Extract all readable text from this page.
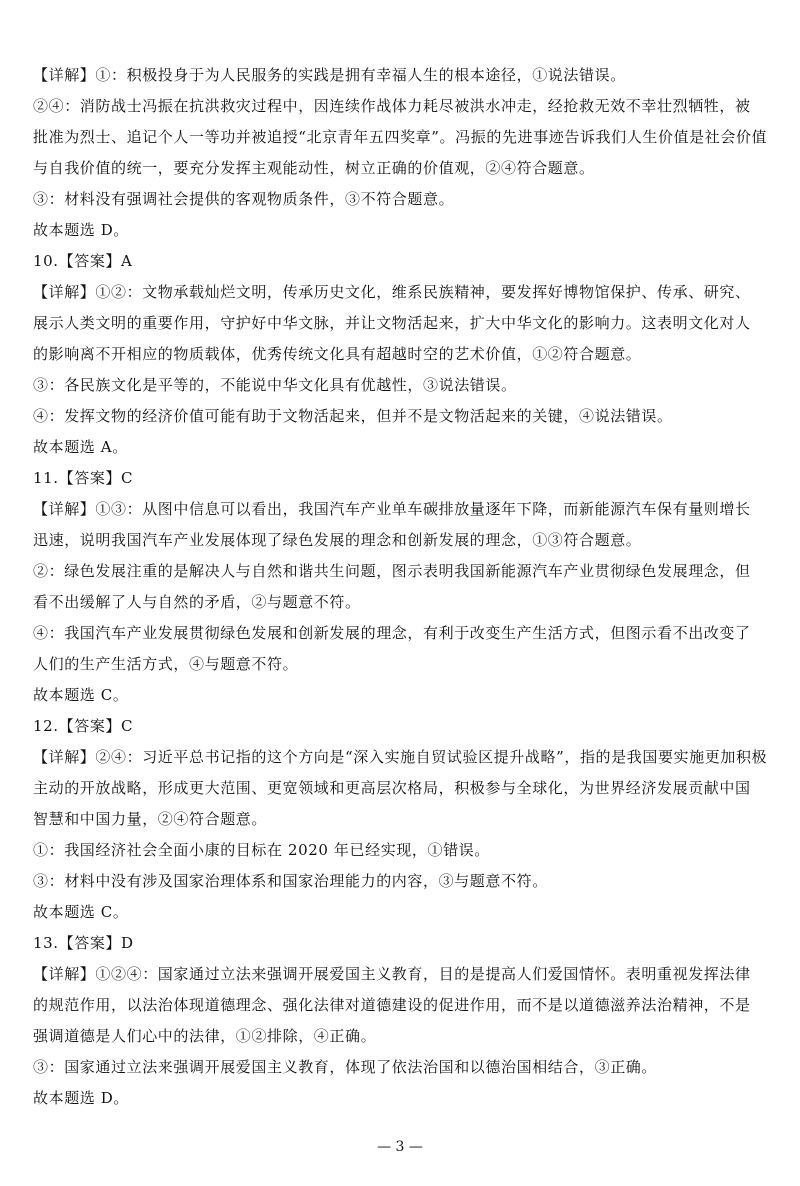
【详解】①：积极投身于为人民服务的实践是拥有幸福人生的根本途径，①说法错误。
②④：消防战士冯振在抗洪救灾过程中，因连续作战体力耗尽被洪水冲走，经抢救无效不幸壮烈牺牲，被
批准为烈士、追记个人一等功并被追授“北京青年五四奖章”。冯振的先进事迹告诉我们人生价值是社会价值
与自我价值的统一，要充分发挥主观能动性，树立正确的价值观，②④符合题意。
③：材料没有强调社会提供的客观物质条件，③不符合题意。
故本题选 D。
10.【答案】A
【详解】①②：文物承载灿烂文明，传承历史文化，维系民族精神，要发挥好博物馆保护、传承、研究、
展示人类文明的重要作用，守护好中华文脉，并让文物活起来，扩大中华文化的影响力。这表明文化对人
的影响离不开相应的物质载体，优秀传统文化具有超越时空的艺术价值，①②符合题意。
③：各民族文化是平等的，不能说中华文化具有优越性，③说法错误。
④：发挥文物的经济价值可能有助于文物活起来，但并不是文物活起来的关键，④说法错误。
故本题选 A。
11.【答案】C
【详解】①③：从图中信息可以看出，我国汽车产业单车碳排放量逐年下降，而新能源汽车保有量则增长
迅速，说明我国汽车产业发展体现了绿色发展的理念和创新发展的理念，①③符合题意。
②：绿色发展注重的是解决人与自然和谐共生问题，图示表明我国新能源汽车产业贯彻绿色发展理念，但
看不出缓解了人与自然的矛盾，②与题意不符。
④：我国汽车产业发展贯彻绿色发展和创新发展的理念，有利于改变生产生活方式，但图示看不出改变了
人们的生产生活方式，④与题意不符。
故本题选 C。
12.【答案】C
【详解】②④：习近平总书记指的这个方向是“深入实施自贸试验区提升战略”，指的是我国要实施更加积极
主动的开放战略，形成更大范围、更宽领域和更高层次格局，积极参与全球化，为世界经济发展贡献中国
智慧和中国力量，②④符合题意。
①：我国经济社会全面小康的目标在 2020 年已经实现，①错误。
③：材料中没有涉及国家治理体系和国家治理能力的内容，③与题意不符。
故本题选 C。
13.【答案】D
【详解】①②④：国家通过立法来强调开展爱国主义教育，目的是提高人们爱国情怀。表明重视发挥法律
的规范作用，以法治体现道德理念、强化法律对道德建设的促进作用，而不是以道德滋养法治精神，不是
强调道德是人们心中的法律，①②排除，④正确。
③：国家通过立法来强调开展爱国主义教育，体现了依法治国和以德治国相结合，③正确。
故本题选 D。
— 3 —
